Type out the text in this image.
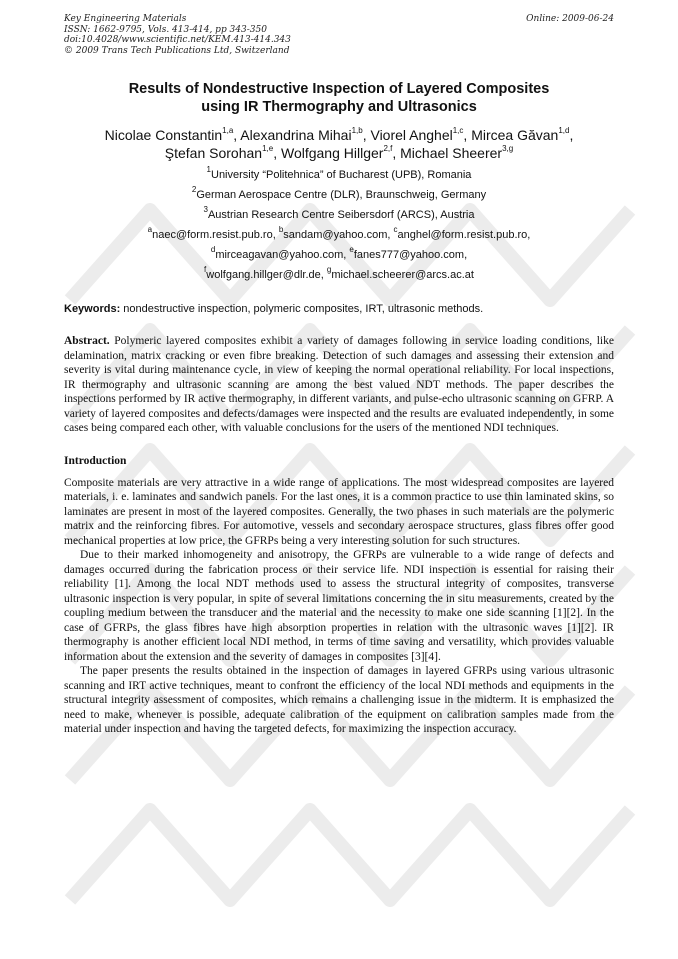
Key Engineering Materials
ISSN: 1662-9795, Vols. 413-414, pp 343-350
doi:10.4028/www.scientific.net/KEM.413-414.343
© 2009 Trans Tech Publications Ltd, Switzerland
Online: 2009-06-24
Results of Nondestructive Inspection of Layered Composites
using IR Thermography and Ultrasonics
Nicolae Constantin$^{1,a}$, Alexandrina Mihai$^{1,b}$, Viorel Anghel$^{1,c}$, Mircea Găvan$^{1,d}$,
Ştefan Sorohan$^{1,e}$, Wolfgang Hillger$^{2,f}$, Michael Sheerer$^{3,g}$
$^1$University “Politehnica” of Bucharest (UPB), Romania
$^2$German Aerospace Centre (DLR), Braunschweig, Germany
$^3$Austrian Research Centre Seibersdorf (ARCS), Austria
$^a$naec@form.resist.pub.ro, $^b$sandam@yahoo.com, $^c$anghel@form.resist.pub.ro,
$^d$mirceagavan@yahoo.com, $^e$fanes777@yahoo.com,
$^f$wolfgang.hillger@dlr.de, $^g$michael.scheerer@arcs.ac.at
Keywords: nondestructive inspection, polymeric composites, IRT, ultrasonic methods.
Abstract. Polymeric layered composites exhibit a variety of damages following in service loading conditions, like delamination, matrix cracking or even fibre breaking. Detection of such damages and assessing their extension and severity is vital during maintenance cycle, in view of keeping the normal operational reliability. For local inspections, IR thermography and ultrasonic scanning are among the best valued NDT methods. The paper describes the inspections performed by IR active thermography, in different variants, and pulse-echo ultrasonic scanning on GFRP. A variety of layered composites and defects/damages were inspected and the results are evaluated independently, in some cases being compared each other, with valuable conclusions for the users of the mentioned NDI techniques.
Introduction

Composite materials are very attractive in a wide range of applications. The most widespread composites are layered materials, i. e. laminates and sandwich panels. For the last ones, it is a common practice to use thin laminated skins, so laminates are present in most of the layered composites. Generally, the two phases in such materials are the polymeric matrix and the reinforcing fibres. For automotive, vessels and secondary aerospace structures, glass fibres offer good mechanical properties at low price, the GFRPs being a very interesting solution for such structures.

Due to their marked inhomogeneity and anisotropy, the GFRPs are vulnerable to a wide range of defects and damages occurred during the fabrication process or their service life. NDI inspection is essential for raising their reliability [1]. Among the local NDT methods used to assess the structural integrity of composites, transverse ultrasonic inspection is very popular, in spite of several limitations concerning the in situ measurements, created by the coupling medium between the transducer and the material and the necessity to make one side scanning [1][2]. In the case of GFRPs, the glass fibres have high absorption properties in relation with the ultrasonic waves [1][2]. IR thermography is another efficient local NDI method, in terms of time saving and versatility, which provides valuable information about the extension and the severity of damages in composites [3][4].

The paper presents the results obtained in the inspection of damages in layered GFRPs using various ultrasonic scanning and IRT active techniques, meant to confront the efficiency of the local NDI methods and equipments in the structural integrity assessment of composites, which remains a challenging issue in the midterm. It is emphasized the need to make, whenever is possible, adequate calibration of the equipment on calibration samples made from the material under inspection and having the targeted defects, for maximizing the inspection accuracy.
